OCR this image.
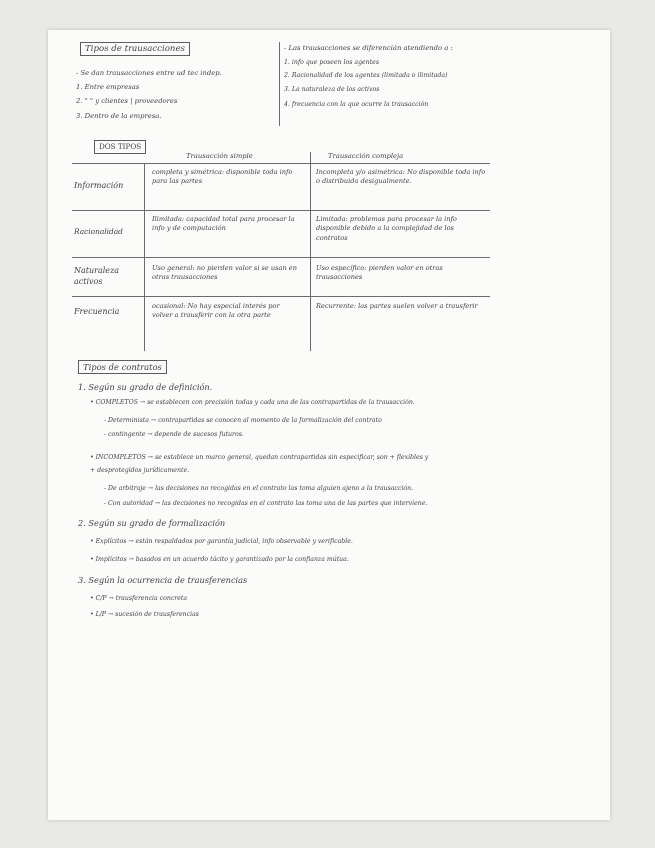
Tipos de trausacciones
- Se dan trausacciones entre ud tec indep.
1. Entre empresas
2. " " y clientes | proveedores
3. Dentro de la empresa.
- Las trausacciones se diferencián atendiendo a :
1. info que poseen los agentes
2. Racionalidad de los agentes (limitada o ilimitada)
3. La naturaleza de los activos
4. frecuencia con la que ocurre la trausacción
DOS TIPOS
Trausacción simple	Trausacción compleja
Información
completa y simétrica: disponible toda info para las partes
Incompleta y/o asimétrica: No disponible toda info o distribuida desigualmente.
Racionalidad
Ilimitada: capacidad total para procesar la info y de computación
Limitada: problemas para procesar la info disponible debido a la complejidad de los contratos
Naturaleza activos
Uso general: no pierden valor si se usan en otras trausacciones
Uso específico: pierden valor en otras trausacciones
Frecuencia
ocasional: No hay especial interés por volver a trausferir con la otra parte
Recurrente: las partes suelen volver a trausferir
Tipos de contratos
1. Según su grado de definición.
• COMPLETOS → se establecen con precisión todas y cada una de las contrapartidas de la trausacción.
- Determinista → contrapartidas se conocen al momento de la formalización del contrato
- contingente → depende de sucesos futuros.
• INCOMPLETOS → se establece un marco general, quedan contrapartidas sin especificar, son + flexibles y
+ desprotegidos jurídicamente.
- De arbitraje → las decisiones no recogidas en el contrato las toma alguien ajeno a la trausacción.
- Con autoridad → las decisiones no recogidas en el contrato las toma una de las partes que interviene.
2. Según su grado de formalización
• Explícitos → están respaldados por garantía judicial, info observable y verificable.
• Implícitos → basados en un acuerdo tácito y garantizado por la confianza mútua.
3. Según la ocurrencia de trausferencias
• C/P → trausferencia concreta
• L/P → sucesión de trausferencias
